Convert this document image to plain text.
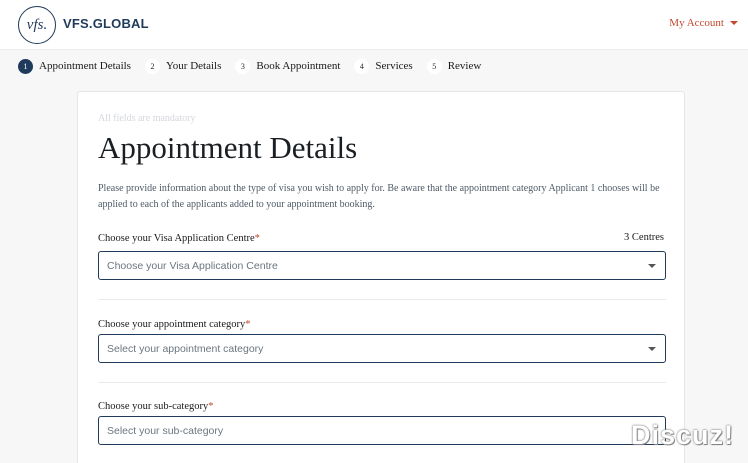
vfs. VFS.GLOBAL	My Account
1	Appointment Details	2	Your Details	3	Book Appointment	4	Services	5	Review
All fields are mandatory
Appointment Details

Please provide information about the type of visa you wish to apply for. Be aware that the appointment category Applicant 1 chooses will be applied to each of the applicants added to your appointment booking.

Choose your Visa Application Centre*	3 Centres
Choose your Visa Application Centre
Choose your appointment category*
Select your appointment category
Choose your sub-category*
Select your sub-category	Discuz!
